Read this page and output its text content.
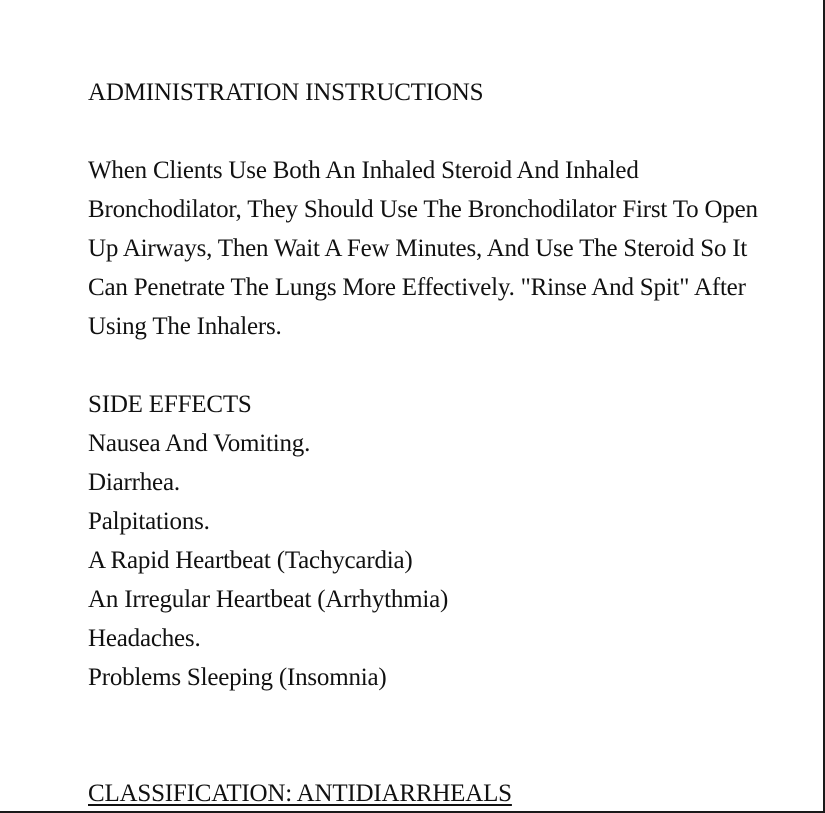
ADMINISTRATION INSTRUCTIONS

When Clients Use Both An Inhaled Steroid And Inhaled Bronchodilator, They Should Use The Bronchodilator First To Open Up Airways, Then Wait A Few Minutes, And Use The Steroid So It Can Penetrate The Lungs More Effectively. "Rinse And Spit" After Using The Inhalers.

SIDE EFFECTS
Nausea And Vomiting.
Diarrhea.
Palpitations.
A Rapid Heartbeat (Tachycardia)
An Irregular Heartbeat (Arrhythmia)
Headaches.
Problems Sleeping (Insomnia)
CLASSIFICATION: ANTIDIARRHEALS
